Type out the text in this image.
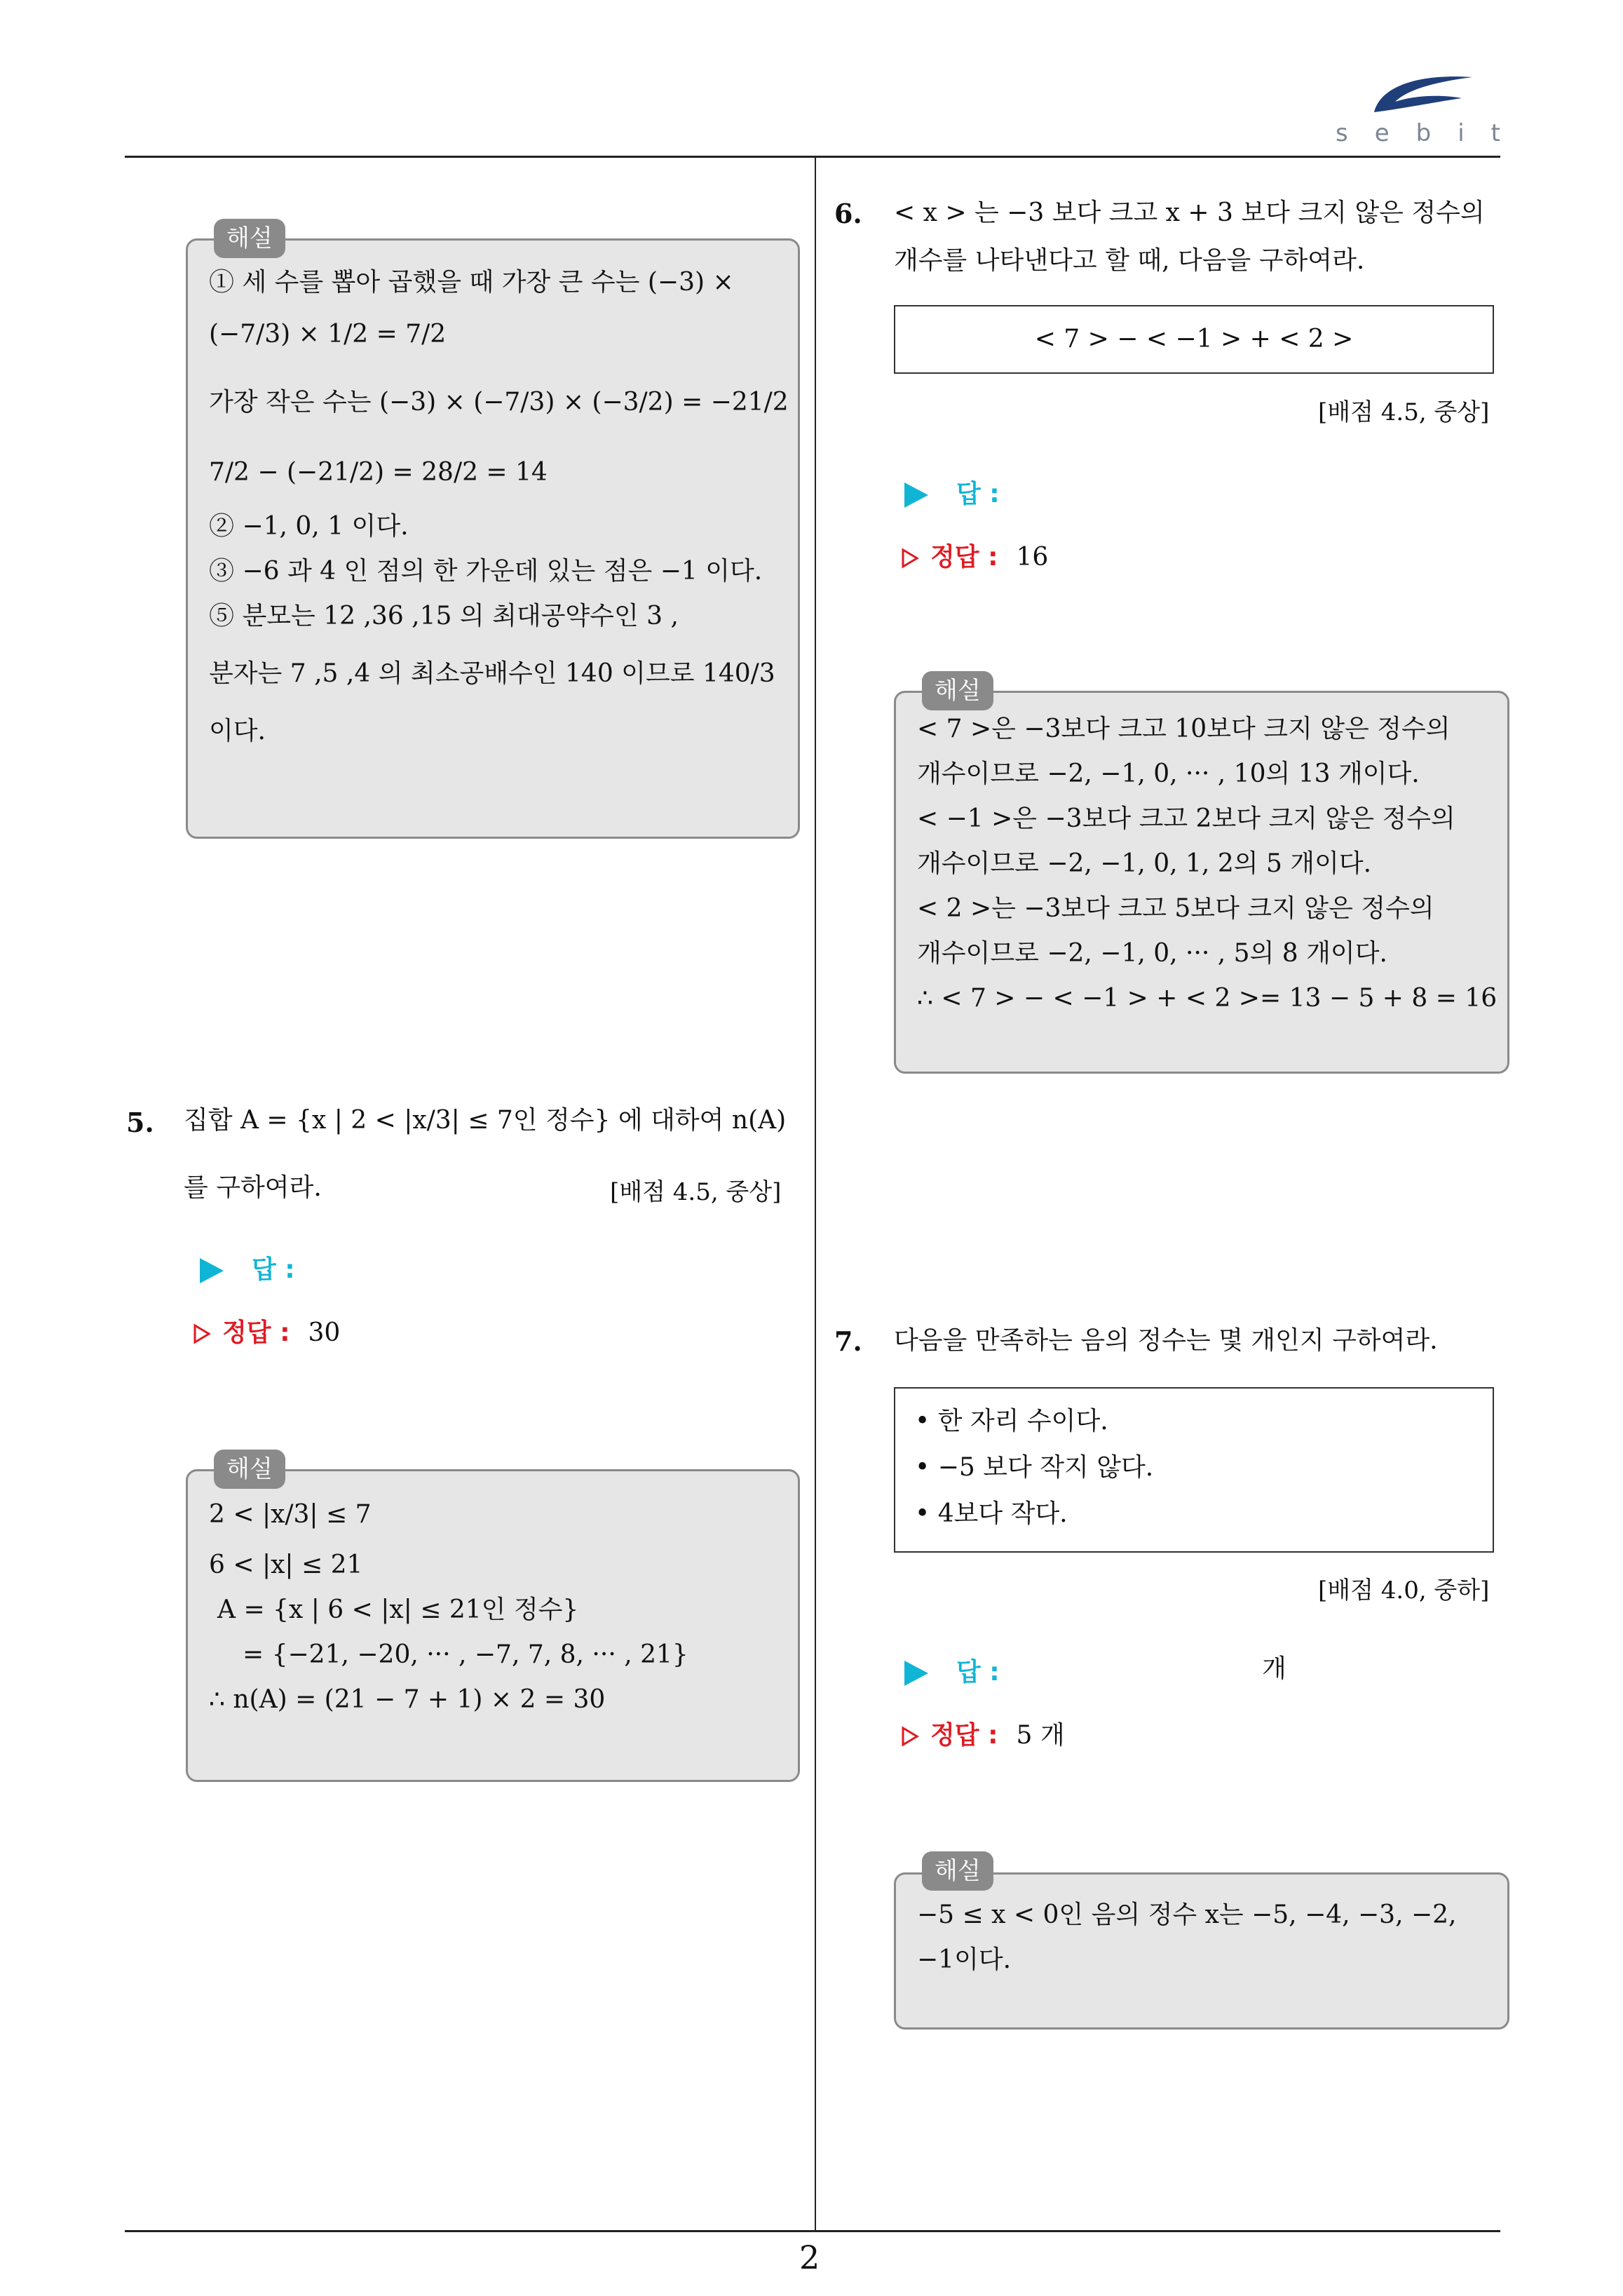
sebit
① 세 수를 뽑아 곱했을 때 가장 큰 수는 (−3) ×
(−7/3) × 1/2 = 7/2
가장 작은 수는 (−3) × (−7/3) × (−3/2) = −21/2
7/2 − (−21/2) = 28/2 = 14
② −1, 0, 1 이다.
③ −6 과 4 인 점의 한 가운데 있는 점은 −1 이다.
⑤ 분모는 12 ,36 ,15 의 최대공약수인 3 ,
분자는 7 ,5 ,4 의 최소공배수인 140 이므로 140/3
이다.
해설
5. 집합 A = {x | 2 < |x/3| ≤ 7인 정수} 에 대하여 n(A)
를 구하여라.	[배점 4.5, 중상]
답 :
정답 : 30
2 < |x/3| ≤ 7
6 < |x| ≤ 21
A = {x | 6 < |x| ≤ 21인 정수}
= {−21, −20, ··· , −7, 7, 8, ··· , 21}
∴ n(A) = (21 − 7 + 1) × 2 = 30
해설
6. < x > 는 −3 보다 크고 x + 3 보다 크지 않은 정수의
개수를 나타낸다고 할 때, 다음을 구하여라.
< 7 > − < −1 > + < 2 >
[배점 4.5, 중상]
답 :
정답 : 16
< 7 >은 −3보다 크고 10보다 크지 않은 정수의
개수이므로 −2, −1, 0, ··· , 10의 13 개이다.
< −1 >은 −3보다 크고 2보다 크지 않은 정수의
개수이므로 −2, −1, 0, 1, 2의 5 개이다.
< 2 >는 −3보다 크고 5보다 크지 않은 정수의
개수이므로 −2, −1, 0, ··· , 5의 8 개이다.
∴ < 7 > − < −1 > + < 2 >= 13 − 5 + 8 = 16
해설
7. 다음을 만족하는 음의 정수는 몇 개인지 구하여라.
• 한 자리 수이다.
• −5 보다 작지 않다.
• 4보다 작다.
[배점 4.0, 중하]
답 :	개
정답 : 5 개
−5 ≤ x < 0인 음의 정수 x는 −5, −4, −3, −2,
−1이다.
해설
2
